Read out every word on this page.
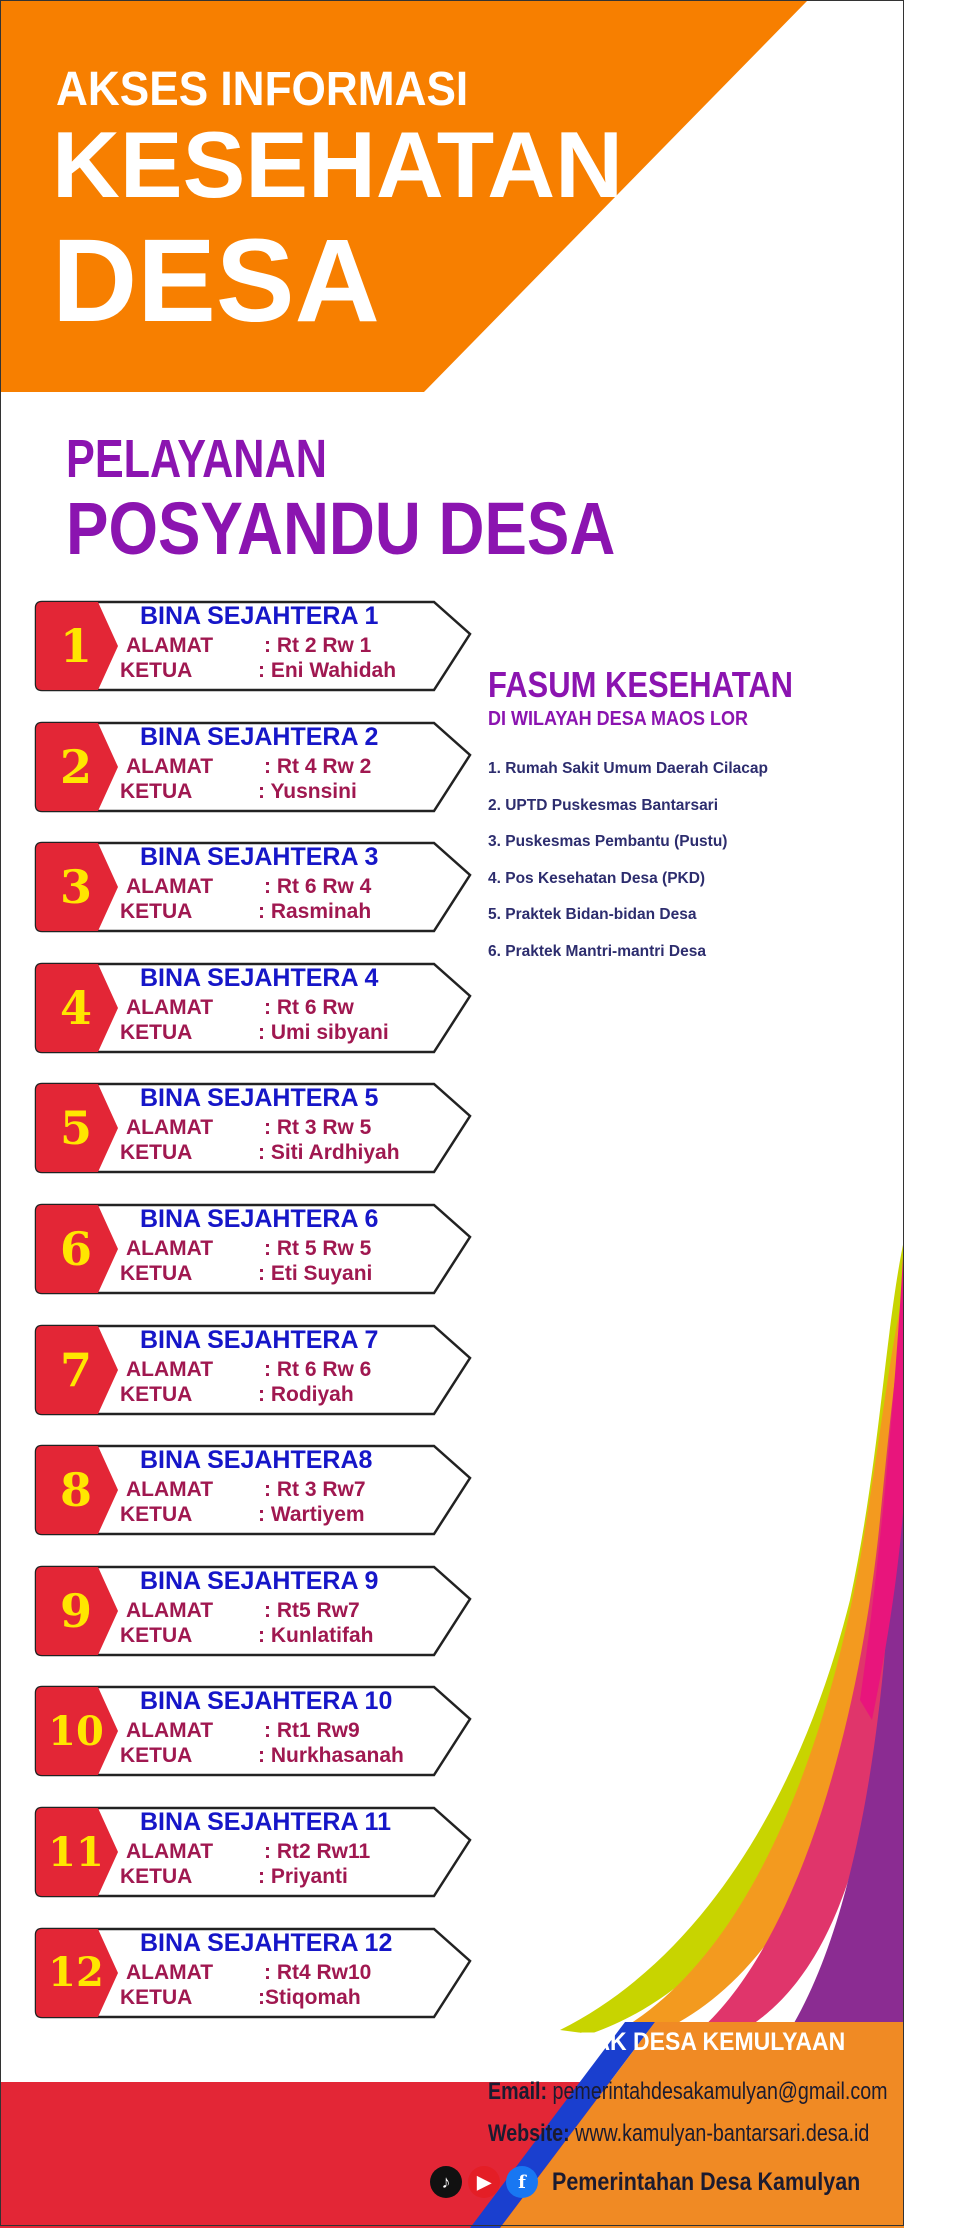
AKSES INFORMASI
KESEHATAN
DESA
KONTAK DESA KEMULYAAN
Email: pemerintahdesakamulyan@gmail.com
Website: www.kamulyan-bantarsari.desa.id
♪	▶	f	Pemerintahan Desa Kamulyan
PELAYANAN
POSYANDU DESA
1
BINA SEJAHTERA 1
ALAMAT : Rt 2 Rw 1
KETUA	: Eni Wahidah
2
BINA SEJAHTERA 2
ALAMAT : Rt 4 Rw 2
KETUA	: Yusnsini
3
BINA SEJAHTERA 3
ALAMAT : Rt 6 Rw 4
KETUA	: Rasminah
4
BINA SEJAHTERA 4
ALAMAT : Rt 6 Rw
KETUA	: Umi sibyani
5
BINA SEJAHTERA 5
ALAMAT : Rt 3 Rw 5
KETUA	: Siti Ardhiyah
6
BINA SEJAHTERA 6
ALAMAT : Rt 5 Rw 5
KETUA	: Eti Suyani
7
BINA SEJAHTERA 7
ALAMAT : Rt 6 Rw 6
KETUA	: Rodiyah
8
BINA SEJAHTERA8
ALAMAT : Rt 3 Rw7
KETUA	: Wartiyem
9
BINA SEJAHTERA 9
ALAMAT : Rt5 Rw7
KETUA	: Kunlatifah
10
BINA SEJAHTERA 10
ALAMAT : Rt1 Rw9
KETUA	: Nurkhasanah
11
BINA SEJAHTERA 11
ALAMAT : Rt2 Rw11
KETUA	: Priyanti
12
BINA SEJAHTERA 12
ALAMAT : Rt4 Rw10
KETUA	:Stiqomah
FASUM KESEHATAN
DI WILAYAH DESA MAOS LOR
1. Rumah Sakit Umum Daerah Cilacap
2. UPTD Puskesmas Bantarsari
3. Puskesmas Pembantu (Pustu)
4. Pos Kesehatan Desa (PKD)
5. Praktek Bidan-bidan Desa
6. Praktek Mantri-mantri Desa
